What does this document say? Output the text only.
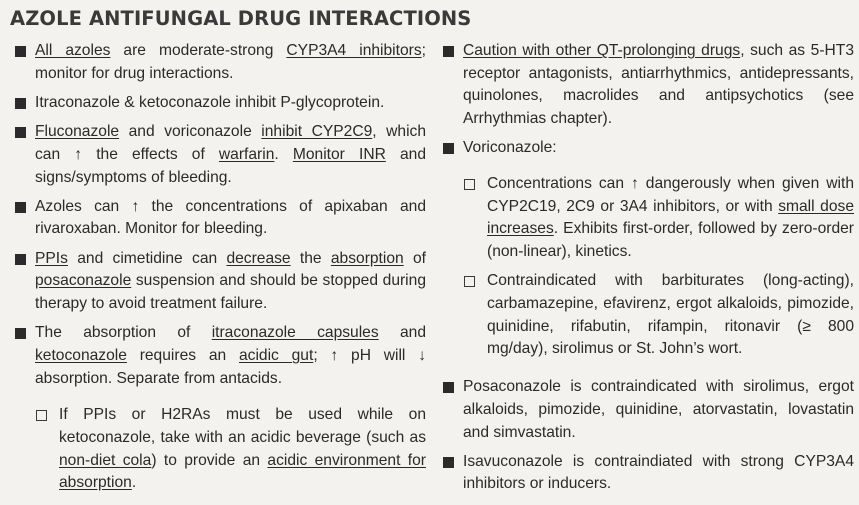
AZOLE ANTIFUNGAL DRUG INTERACTIONS
All azoles are moderate-strong CYP3A4 inhibitors; monitor for drug interactions.
Itraconazole & ketoconazole inhibit P-glycoprotein.
Fluconazole and voriconazole inhibit CYP2C9, which can ↑ the effects of warfarin. Monitor INR and signs/symptoms of bleeding.
Azoles can ↑ the concentrations of apixaban and rivaroxaban. Monitor for bleeding.
PPIs and cimetidine can decrease the absorption of posaconazole suspension and should be stopped during therapy to avoid treatment failure.
The absorption of itraconazole capsules and ketoconazole requires an acidic gut; ↑ pH will ↓ absorption. Separate from antacids.
If PPIs or H2RAs must be used while on ketoconazole, take with an acidic beverage (such as non-diet cola) to provide an acidic environment for absorption.
Caution with other QT-prolonging drugs, such as 5-HT3 receptor antagonists, antiarrhythmics, antidepressants, quinolones, macrolides and antipsychotics (see Arrhythmias chapter).
Voriconazole:
Concentrations can ↑ dangerously when given with CYP2C19, 2C9 or 3A4 inhibitors, or with small dose increases. Exhibits first-order, followed by zero-order (non-linear), kinetics.
Contraindicated with barbiturates (long-acting), carbamazepine, efavirenz, ergot alkaloids, pimozide, quinidine, rifabutin, rifampin, ritonavir (≥ 800 mg/day), sirolimus or St. John’s wort.
Posaconazole is contraindicated with sirolimus, ergot alkaloids, pimozide, quinidine, atorvastatin, lovastatin and simvastatin.
Isavuconazole is contraindiated with strong CYP3A4 inhibitors or inducers.
